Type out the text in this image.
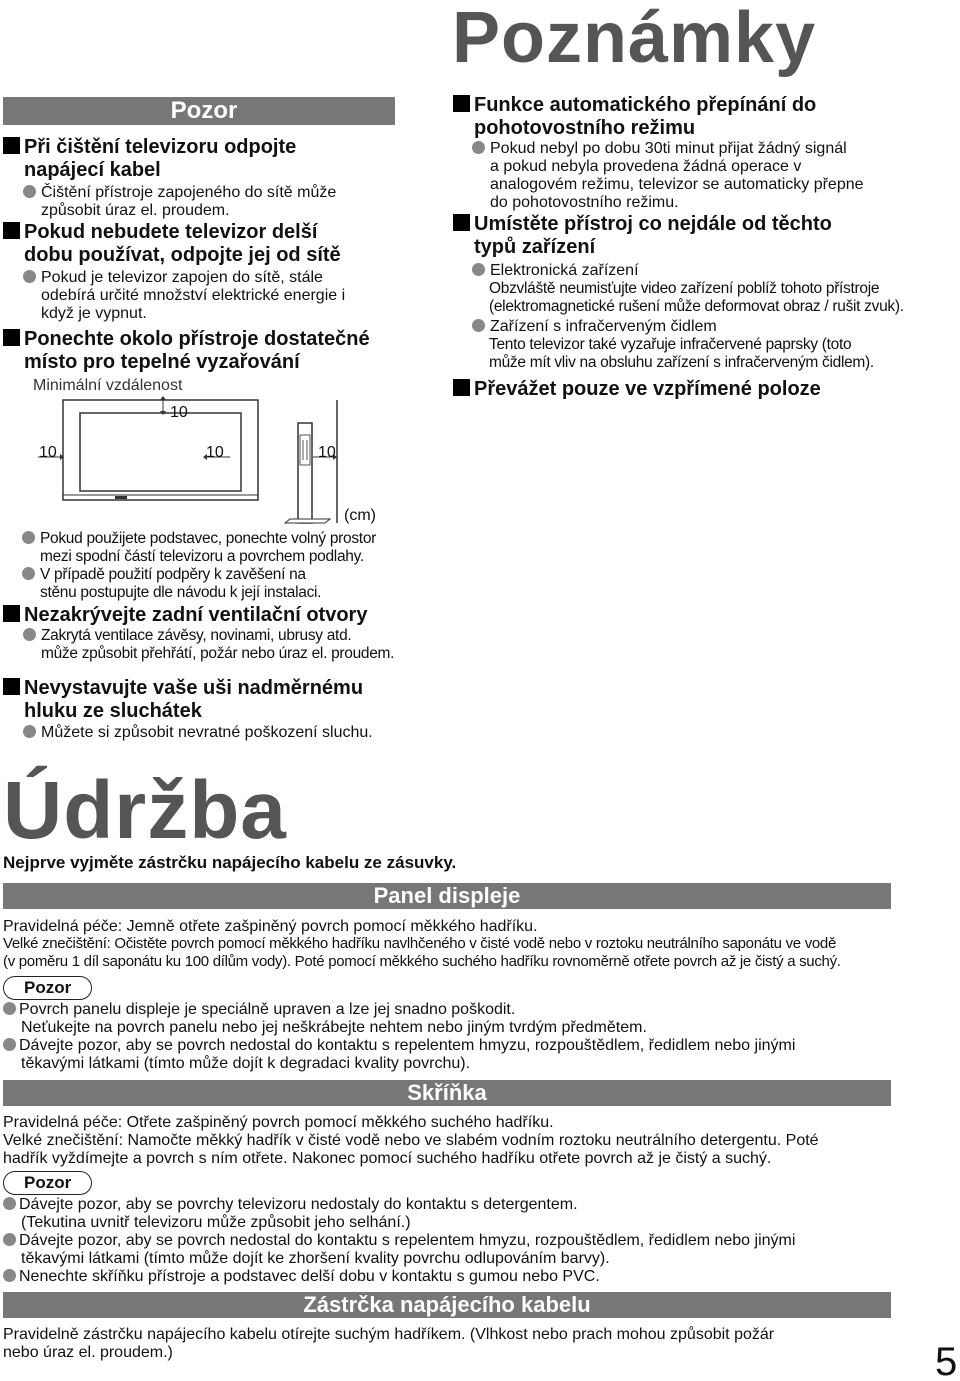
Poznámky
Pozor
Při čištění televizoru odpojte
napájecí kabel
Čištění přístroje zapojeného do sítě může
způsobit úraz el. proudem.
Pokud nebudete televizor delší
dobu používat, odpojte jej od sítě
Pokud je televizor zapojen do sítě, stále
odebírá určité množství elektrické energie i
když je vypnut.
Ponechte okolo přístroje dostatečné
místo pro tepelné vyzařování
Minimální vzdálenost
10
10	10	10
(cm)
Pokud použijete podstavec, ponechte volný prostor
mezi spodní částí televizoru a povrchem podlahy.
V případě použití podpěry k zavěšení na
stěnu postupujte dle návodu k její instalaci.
Nezakrývejte zadní ventilační otvory
Zakrytá ventilace závěsy, novinami, ubrusy atd.
může způsobit přehřátí, požár nebo úraz el. proudem.
Nevystavujte vaše uši nadměrnému
hluku ze sluchátek
Můžete si způsobit nevratné poškození sluchu.
Funkce automatického přepínání do
pohotovostního režimu
Pokud nebyl po dobu 30ti minut přijat žádný signál
a pokud nebyla provedena žádná operace v
analogovém režimu, televizor se automaticky přepne
do pohotovostního režimu.
Umístěte přístroj co nejdále od těchto
typů zařízení
Elektronická zařízení
Obzvláště neumisťujte video zařízení poblíž tohoto přístroje
(elektromagnetické rušení může deformovat obraz / rušit zvuk).
Zařízení s infračerveným čidlem
Tento televizor také vyzařuje infračervené paprsky (toto
může mít vliv na obsluhu zařízení s infračerveným čidlem).
Převážet pouze ve vzpřímené poloze
Údržba
Nejprve vyjměte zástrčku napájecího kabelu ze zásuvky.
Panel displeje
Pravidelná péče: Jemně otřete zašpiněný povrch pomocí měkkého hadříku.
Velké znečištění: Očistěte povrch pomocí měkkého hadříku navlhčeného v čisté vodě nebo v roztoku neutrálního saponátu ve vodě
(v poměru 1 díl saponátu ku 100 dílům vody). Poté pomocí měkkého suchého hadříku rovnoměrně otřete povrch až je čistý a suchý.
Pozor
Povrch panelu displeje je speciálně upraven a lze jej snadno poškodit.
Neťukejte na povrch panelu nebo jej neškrábejte nehtem nebo jiným tvrdým předmětem.
Dávejte pozor, aby se povrch nedostal do kontaktu s repelentem hmyzu, rozpouštědlem, ředidlem nebo jinými
těkavými látkami (tímto může dojít k degradaci kvality povrchu).
Skříňka
Pravidelná péče: Otřete zašpiněný povrch pomocí měkkého suchého hadříku.
Velké znečištění: Namočte měkký hadřík v čisté vodě nebo ve slabém vodním roztoku neutrálního detergentu. Poté
hadřík vyždímejte a povrch s ním otřete. Nakonec pomocí suchého hadříku otřete povrch až je čistý a suchý.
Pozor
Dávejte pozor, aby se povrchy televizoru nedostaly do kontaktu s detergentem.
(Tekutina uvnitř televizoru může způsobit jeho selhání.)
Dávejte pozor, aby se povrch nedostal do kontaktu s repelentem hmyzu, rozpouštědlem, ředidlem nebo jinými
těkavými látkami (tímto může dojít ke zhoršení kvality povrchu odlupováním barvy).
Nenechte skříňku přístroje a podstavec delší dobu v kontaktu s gumou nebo PVC.
Zástrčka napájecího kabelu
Pravidelně zástrčku napájecího kabelu otírejte suchým hadříkem. (Vlhkost nebo prach mohou způsobit požár
nebo úraz el. proudem.)	5
